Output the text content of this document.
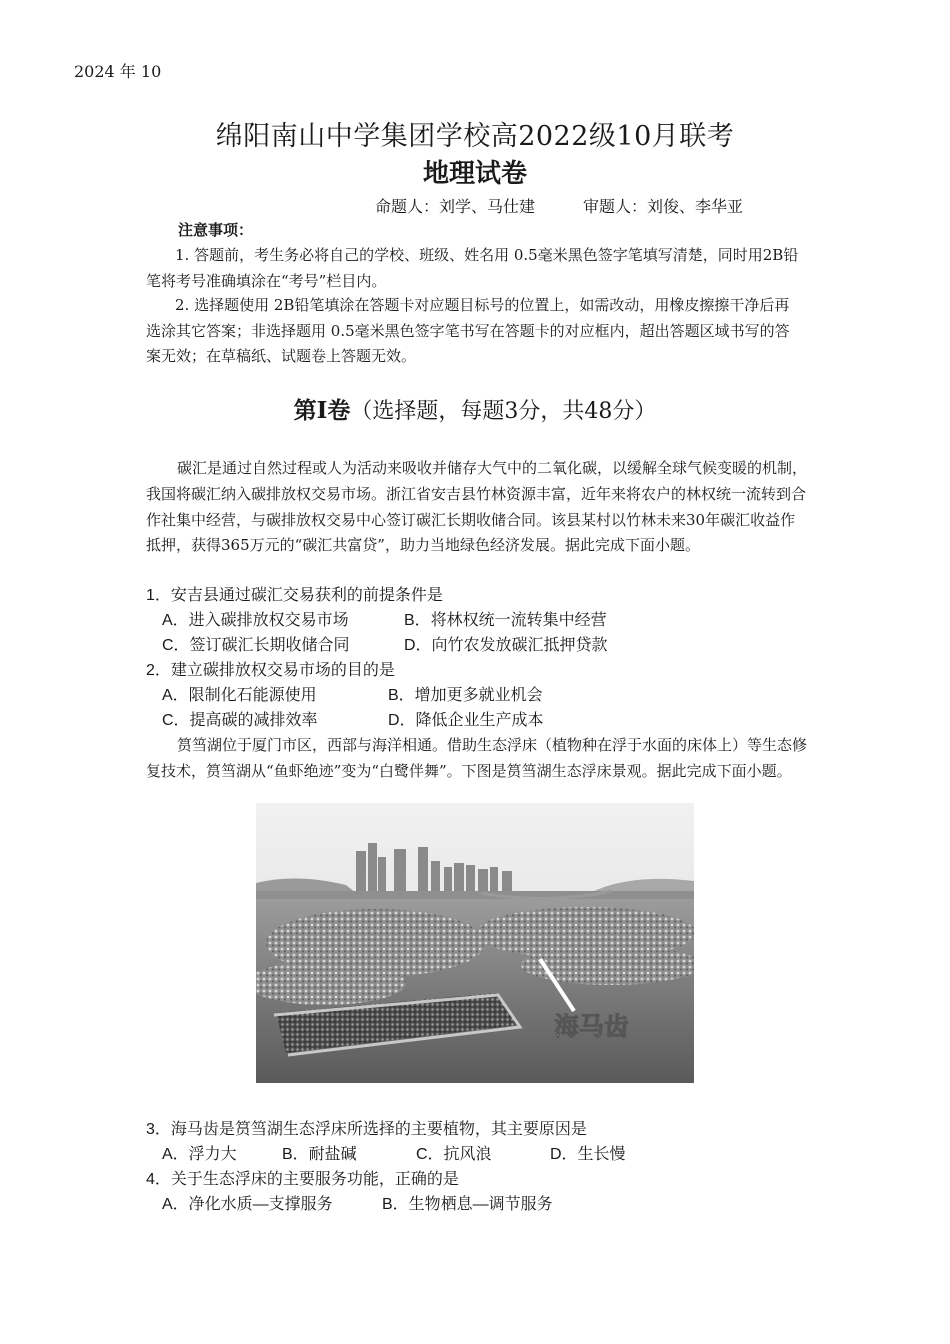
2024 年 10
绵阳南山中学集团学校高2022级10月联考
地理试卷
命题人：刘学、马仕建	审题人：刘俊、李华亚
注意事项：
1. 答题前，考生务必将自己的学校、班级、姓名用 0.5毫米黑色签字笔填写清楚，同时用2B铅笔将考号准确填涂在“考号”栏目内。
2. 选择题使用 2B铅笔填涂在答题卡对应题目标号的位置上，如需改动，用橡皮擦擦干净后再选涂其它答案；非选择题用 0.5毫米黑色签字笔书写在答题卡的对应框内，超出答题区域书写的答案无效；在草稿纸、试题卷上答题无效。
第Ⅰ卷（选择题，每题3分，共48分）
碳汇是通过自然过程或人为活动来吸收并储存大气中的二氧化碳，以缓解全球气候变暖的机制，我国将碳汇纳入碳排放权交易市场。浙江省安吉县竹林资源丰富，近年来将农户的林权统一流转到合作社集中经营，与碳排放权交易中心签订碳汇长期收储合同。该县某村以竹林未来30年碳汇收益作抵押，获得365万元的“碳汇共富贷”，助力当地绿色经济发展。据此完成下面小题。
1．安吉县通过碳汇交易获利的前提条件是
A．进入碳排放权交易市场	B．将林权统一流转集中经营
C．签订碳汇长期收储合同	D．向竹农发放碳汇抵押贷款
2．建立碳排放权交易市场的目的是
A．限制化石能源使用	B．增加更多就业机会
C．提高碳的减排效率	D．降低企业生产成本
筼筜湖位于厦门市区，西部与海洋相通。借助生态浮床（植物种在浮于水面的床体上）等生态修复技术，筼筜湖从“鱼虾绝迹”变为“白鹭伴舞”。下图是筼筜湖生态浮床景观。据此完成下面小题。
海马齿
3．海马齿是筼筜湖生态浮床所选择的主要植物，其主要原因是
A．浮力大	B．耐盐碱	C．抗风浪	D．生长慢
4．关于生态浮床的主要服务功能，正确的是
A．净化水质—支撑服务	B．生物栖息—调节服务
